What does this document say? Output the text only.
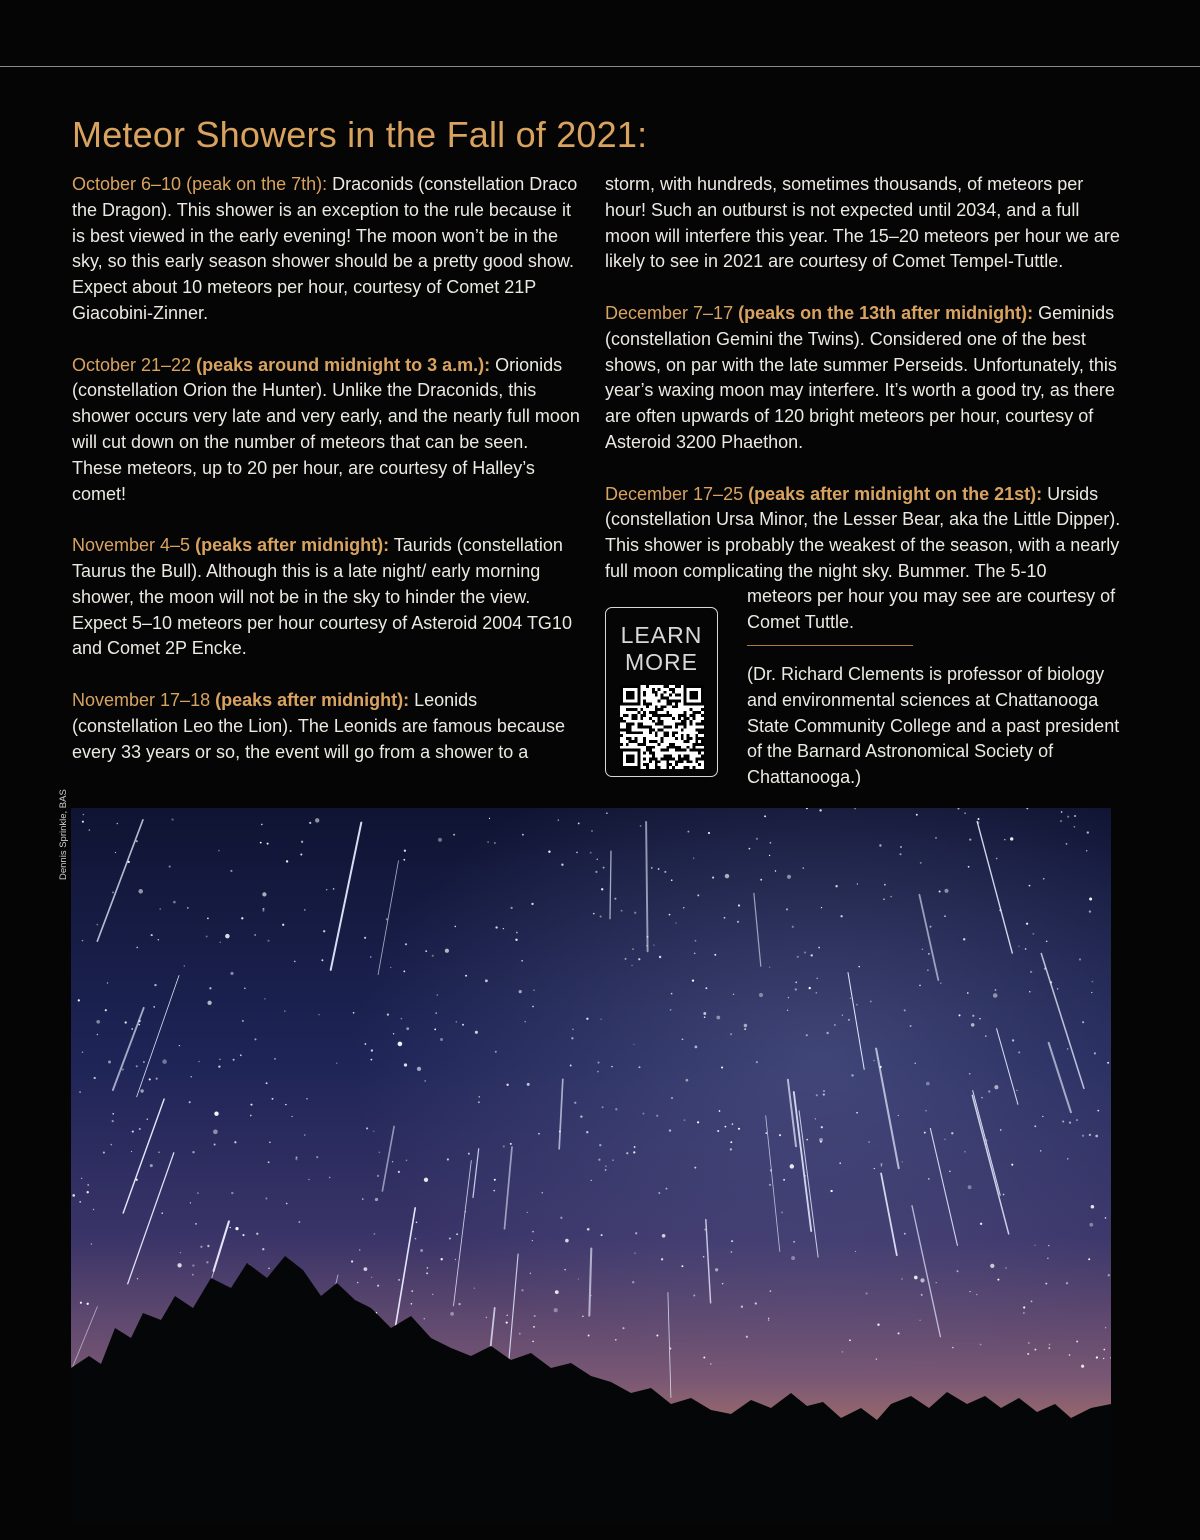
Meteor Showers in the Fall of 2021:

October 6–10 (peak on the 7th): Draconids (constellation Draco the Dragon). This shower is an exception to the rule because it is best viewed in the early evening! The moon won’t be in the sky, so this early season shower should be a pretty good show. Expect about 10 meteors per hour, courtesy of Comet 21P Giacobini-Zinner.

October 21–22 (peaks around midnight to 3 a.m.): Orionids (constellation Orion the Hunter). Unlike the Draconids, this shower occurs very late and very early, and the nearly full moon will cut down on the number of meteors that can be seen. These meteors, up to 20 per hour, are courtesy of Halley’s comet!

November 4–5 (peaks after midnight): Taurids (constellation Taurus the Bull). Although this is a late night/ early morning shower, the moon will not be in the sky to hinder the view. Expect 5–10 meteors per hour courtesy of Asteroid 2004 TG10 and Comet 2P Encke.

November 17–18 (peaks after midnight): Leonids (constellation Leo the Lion). The Leonids are famous because every 33 years or so, the event will go from a shower to a

storm, with hundreds, sometimes thousands, of meteors per hour! Such an outburst is not expected until 2034, and a full moon will interfere this year. The 15–20 meteors per hour we are likely to see in 2021 are courtesy of Comet Tempel-Tuttle.

December 7–17 (peaks on the 13th after midnight): Geminids (constellation Gemini the Twins). Considered one of the best shows, on par with the late summer Perseids. Unfortunately, this year’s waxing moon may interfere. It’s worth a good try, as there are often upwards of 120 bright meteors per hour, courtesy of Asteroid 3200 Phaethon.

December 17–25 (peaks after midnight on the 21st): Ursids (constellation Ursa Minor, the Lesser Bear, aka the Little Dipper). This shower is probably the weakest of the season, with a nearly full moon complicating the night sky. Bummer. The 5-10

LEARN
MORE
meteors per hour you may see are courtesy of Comet Tuttle.
(Dr. Richard Clements is professor of biology and environmental sciences at Chattanooga State Community College and a past president of the Barnard Astronomical Society of Chattanooga.)
Dennis Sprinkle, BAS
